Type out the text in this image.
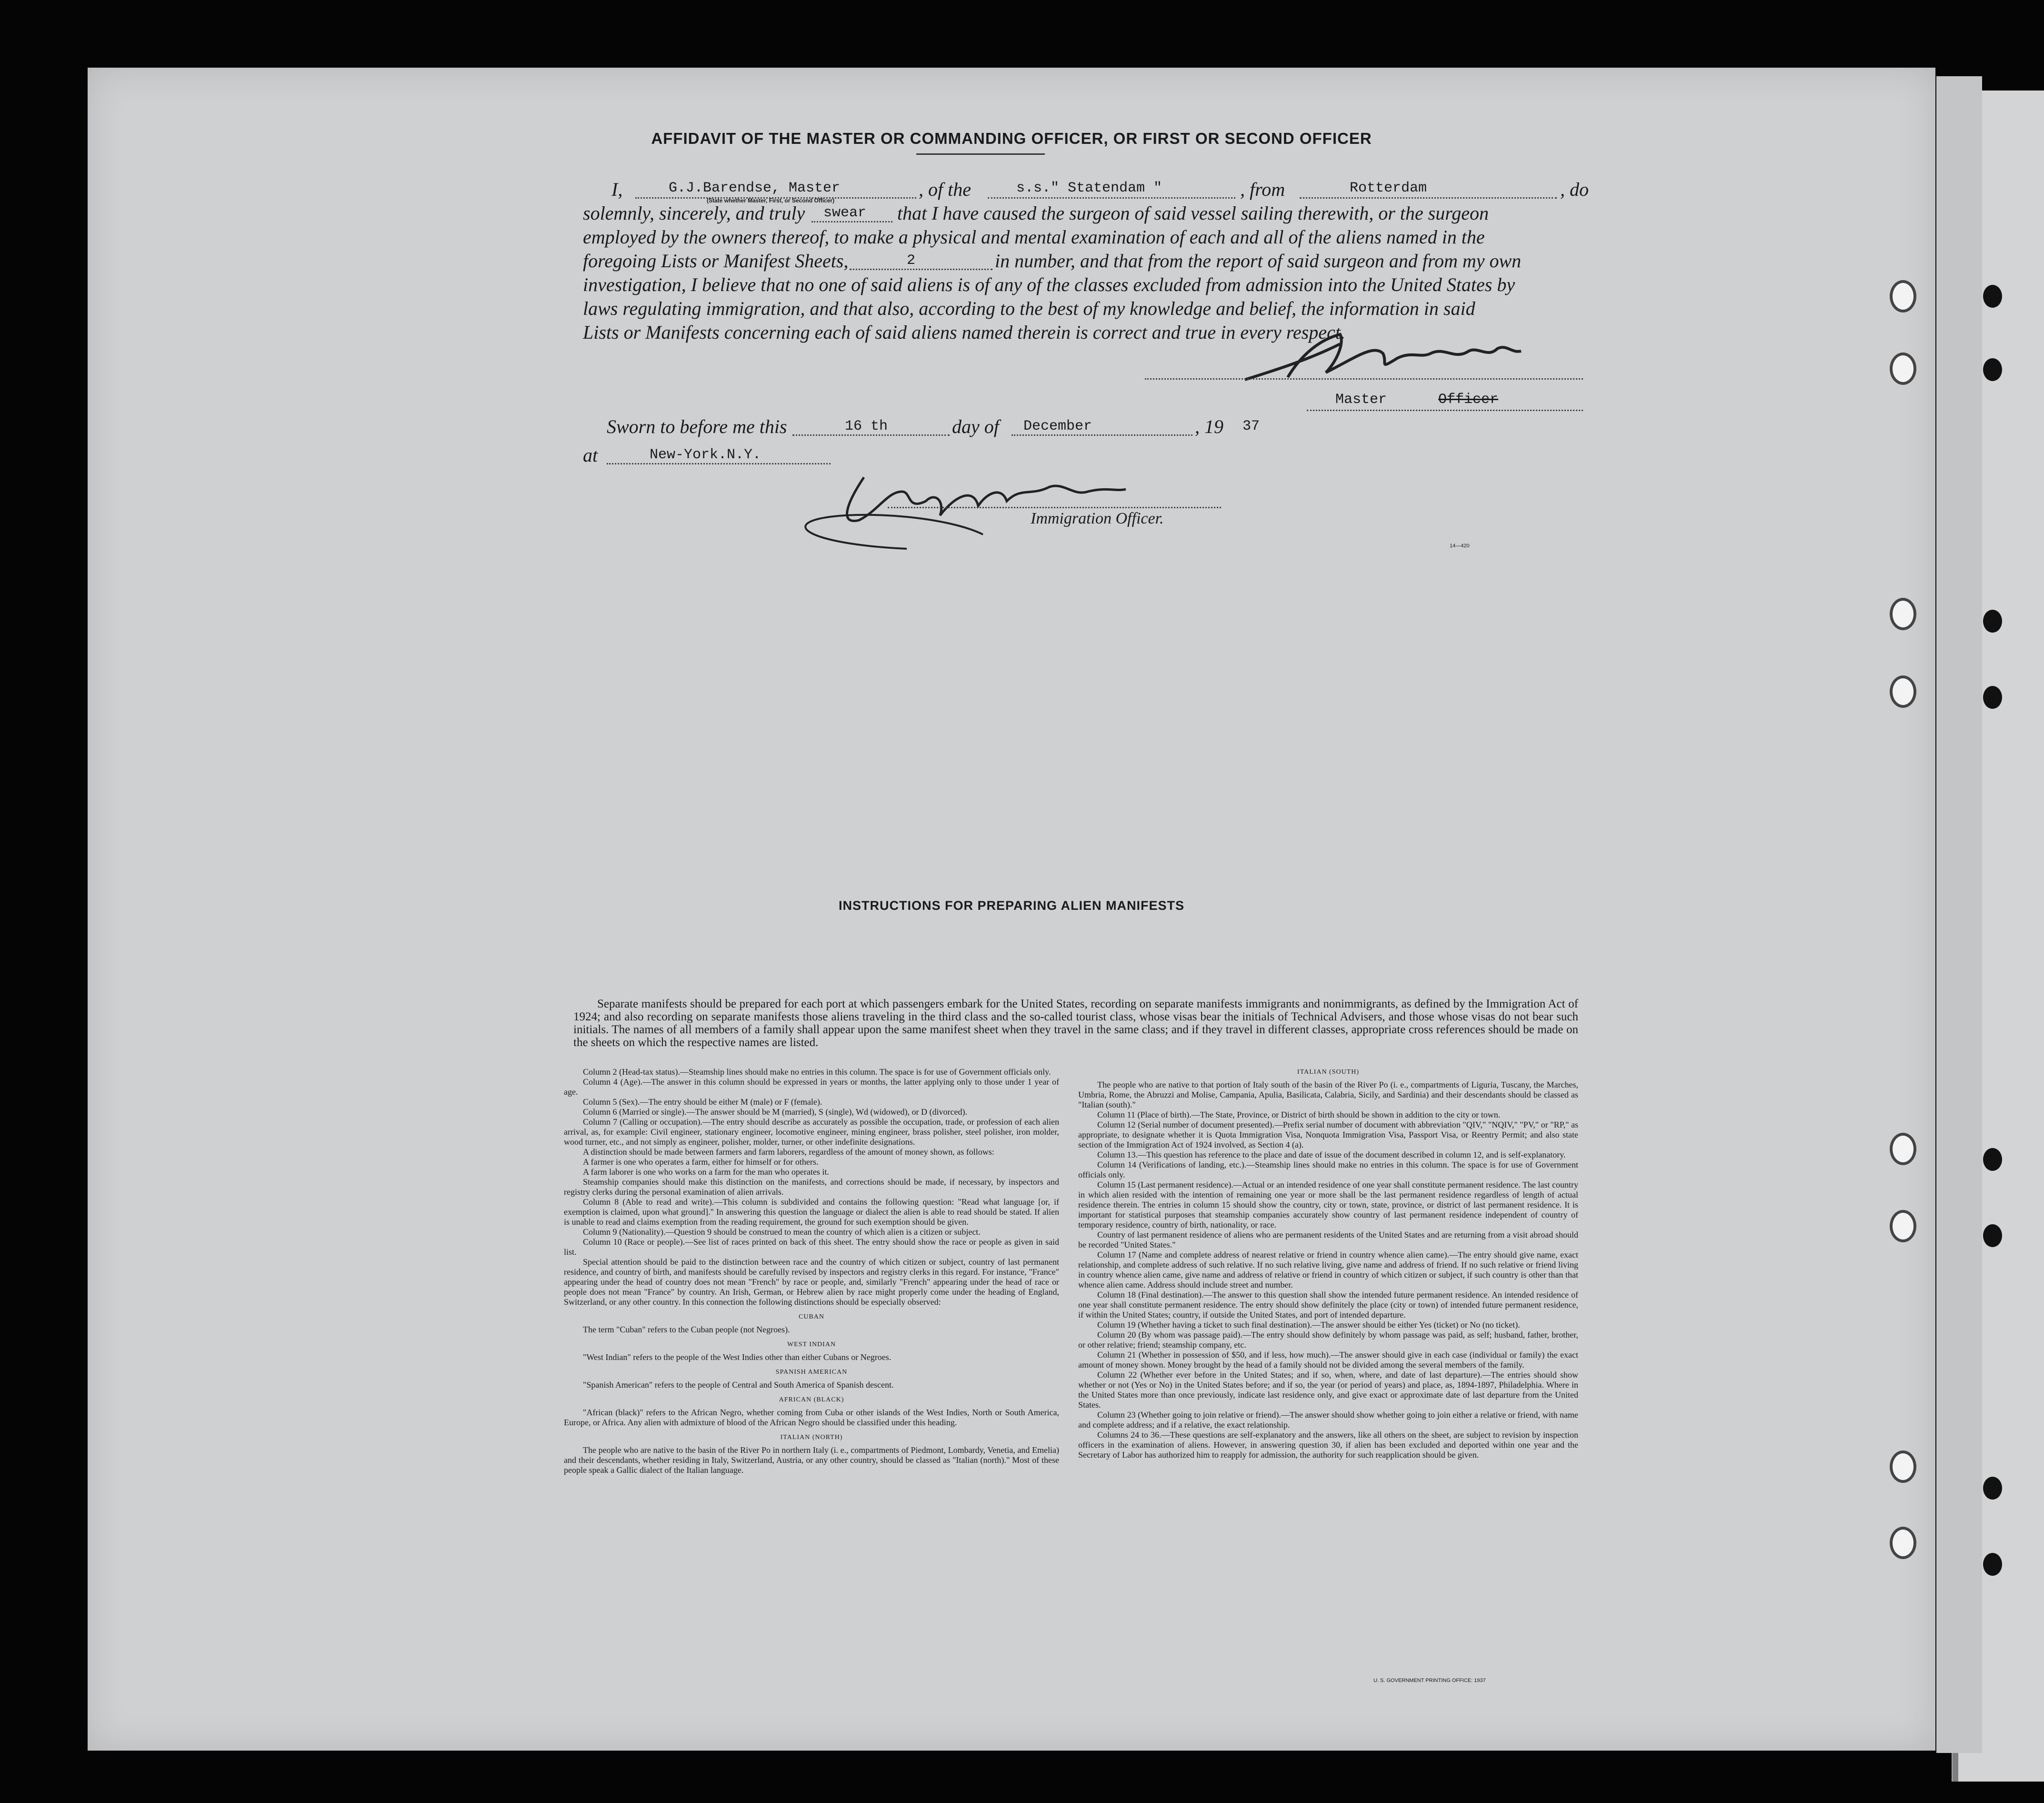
AFFIDAVIT OF THE MASTER OR COMMANDING OFFICER, OR FIRST OR SECOND OFFICER
I,	G.J.Barendse, Master
(State whether Master, First, or Second Officer)
, of the	s.s." Statendam "	, from	Rotterdam	, do
solemnly, sincerely, and truly swear that I have caused the surgeon of said vessel sailing therewith, or the surgeon
employed by the owners thereof, to make a physical and mental examination of each and all of the aliens named in the
foregoing Lists or Manifest Sheets,	2	in number, and that from the report of said surgeon and from my own
investigation, I believe that no one of said aliens is of any of the classes excluded from admission into the United States by
laws regulating immigration, and that also, according to the best of my knowledge and belief, the information in said
Lists or Manifests concerning each of said aliens named therein is correct and true in every respect.
Master	Officer
Sworn to before me this	16 th	day of December	, 19 37
at	New-York.N.Y.
Immigration Officer.
14—420
INSTRUCTIONS FOR PREPARING ALIEN MANIFESTS
Separate manifests should be prepared for each port at which passengers embark for the United States, recording on separate manifests immigrants and nonimmigrants, as defined by the Immigration Act of 1924; and also recording on separate manifests those aliens traveling in the third class and the so-called tourist class, whose visas bear the initials of Technical Advisers, and those whose visas do not bear such initials. The names of all members of a family shall appear upon the same manifest sheet when they travel in the same class; and if they travel in different classes, appropriate cross references should be made on the sheets on which the respective names are listed.

Column 2 (Head-tax status).—Steamship lines should make no entries in this column. The space is for use of Government officials only.

Column 4 (Age).—The answer in this column should be expressed in years or months, the latter applying only to those under 1 year of age.

Column 5 (Sex).—The entry should be either M (male) or F (female).

Column 6 (Married or single).—The answer should be M (married), S (single), Wd (widowed), or D (divorced).

Column 7 (Calling or occupation).—The entry should describe as accurately as possible the occupation, trade, or profession of each alien arrival, as, for example: Civil engineer, stationary engineer, locomotive engineer, mining engineer, brass polisher, steel polisher, iron molder, wood turner, etc., and not simply as engineer, polisher, molder, turner, or other indefinite designations.

A distinction should be made between farmers and farm laborers, regardless of the amount of money shown, as follows:

A farmer is one who operates a farm, either for himself or for others.

A farm laborer is one who works on a farm for the man who operates it.

Steamship companies should make this distinction on the manifests, and corrections should be made, if necessary, by inspectors and registry clerks during the personal examination of alien arrivals.

Column 8 (Able to read and write).—This column is subdivided and contains the following question: "Read what language [or, if exemption is claimed, upon what ground]." In answering this question the language or dialect the alien is able to read should be stated. If alien is unable to read and claims exemption from the reading requirement, the ground for such exemption should be given.

Column 9 (Nationality).—Question 9 should be construed to mean the country of which alien is a citizen or subject.

Column 10 (Race or people).—See list of races printed on back of this sheet. The entry should show the race or people as given in said list.

Special attention should be paid to the distinction between race and the country of which citizen or subject, country of last permanent residence, and country of birth, and manifests should be carefully revised by inspectors and registry clerks in this regard. For instance, "France" appearing under the head of country does not mean "French" by race or people, and, similarly "French" appearing under the head of race or people does not mean "France" by country. An Irish, German, or Hebrew alien by race might properly come under the heading of England, Switzerland, or any other country. In this connection the following distinctions should be especially observed:

CUBAN

The term "Cuban" refers to the Cuban people (not Negroes).

WEST INDIAN

"West Indian" refers to the people of the West Indies other than either Cubans or Negroes.

SPANISH AMERICAN

"Spanish American" refers to the people of Central and South America of Spanish descent.

AFRICAN (BLACK)

"African (black)" refers to the African Negro, whether coming from Cuba or other islands of the West Indies, North or South America, Europe, or Africa. Any alien with admixture of blood of the African Negro should be classified under this heading.

ITALIAN (NORTH)

The people who are native to the basin of the River Po in northern Italy (i. e., compartments of Piedmont, Lombardy, Venetia, and Emelia) and their descendants, whether residing in Italy, Switzerland, Austria, or any other country, should be classed as "Italian (north)." Most of these people speak a Gallic dialect of the Italian language.

ITALIAN (SOUTH)

The people who are native to that portion of Italy south of the basin of the River Po (i. e., compartments of Liguria, Tuscany, the Marches, Umbria, Rome, the Abruzzi and Molise, Campania, Apulia, Basilicata, Calabria, Sicily, and Sardinia) and their descendants should be classed as "Italian (south)."

Column 11 (Place of birth).—The State, Province, or District of birth should be shown in addition to the city or town.

Column 12 (Serial number of document presented).—Prefix serial number of document with abbreviation "QIV," "NQIV," "PV," or "RP," as appropriate, to designate whether it is Quota Immigration Visa, Nonquota Immigration Visa, Passport Visa, or Reentry Permit; and also state section of the Immigration Act of 1924 involved, as Section 4 (a).

Column 13.—This question has reference to the place and date of issue of the document described in column 12, and is self-explanatory.

Column 14 (Verifications of landing, etc.).—Steamship lines should make no entries in this column. The space is for use of Government officials only.

Column 15 (Last permanent residence).—Actual or an intended residence of one year shall constitute permanent residence. The last country in which alien resided with the intention of remaining one year or more shall be the last permanent residence regardless of length of actual residence therein. The entries in column 15 should show the country, city or town, state, province, or district of last permanent residence. It is important for statistical purposes that steamship companies accurately show country of last permanent residence independent of country of temporary residence, country of birth, nationality, or race.

Country of last permanent residence of aliens who are permanent residents of the United States and are returning from a visit abroad should be recorded "United States."

Column 17 (Name and complete address of nearest relative or friend in country whence alien came).—The entry should give name, exact relationship, and complete address of such relative. If no such relative living, give name and address of friend. If no such relative or friend living in country whence alien came, give name and address of relative or friend in country of which citizen or subject, if such country is other than that whence alien came. Address should include street and number.

Column 18 (Final destination).—The answer to this question shall show the intended future permanent residence. An intended residence of one year shall constitute permanent residence. The entry should show definitely the place (city or town) of intended future permanent residence, if within the United States; country, if outside the United States, and port of intended departure.

Column 19 (Whether having a ticket to such final destination).—The answer should be either Yes (ticket) or No (no ticket).

Column 20 (By whom was passage paid).—The entry should show definitely by whom passage was paid, as self; husband, father, brother, or other relative; friend; steamship company, etc.

Column 21 (Whether in possession of $50, and if less, how much).—The answer should give in each case (individual or family) the exact amount of money shown. Money brought by the head of a family should not be divided among the several members of the family.

Column 22 (Whether ever before in the United States; and if so, when, where, and date of last departure).—The entries should show whether or not (Yes or No) in the United States before; and if so, the year (or period of years) and place, as, 1894-1897, Philadelphia. Where in the United States more than once previously, indicate last residence only, and give exact or approximate date of last departure from the United States.

Column 23 (Whether going to join relative or friend).—The answer should show whether going to join either a relative or friend, with name and complete address; and if a relative, the exact relationship.

Columns 24 to 36.—These questions are self-explanatory and the answers, like all others on the sheet, are subject to revision by inspection officers in the examination of aliens. However, in answering question 30, if alien has been excluded and deported within one year and the Secretary of Labor has authorized him to reapply for admission, the authority for such reapplication should be given.

U. S. GOVERNMENT PRINTING OFFICE: 1937
